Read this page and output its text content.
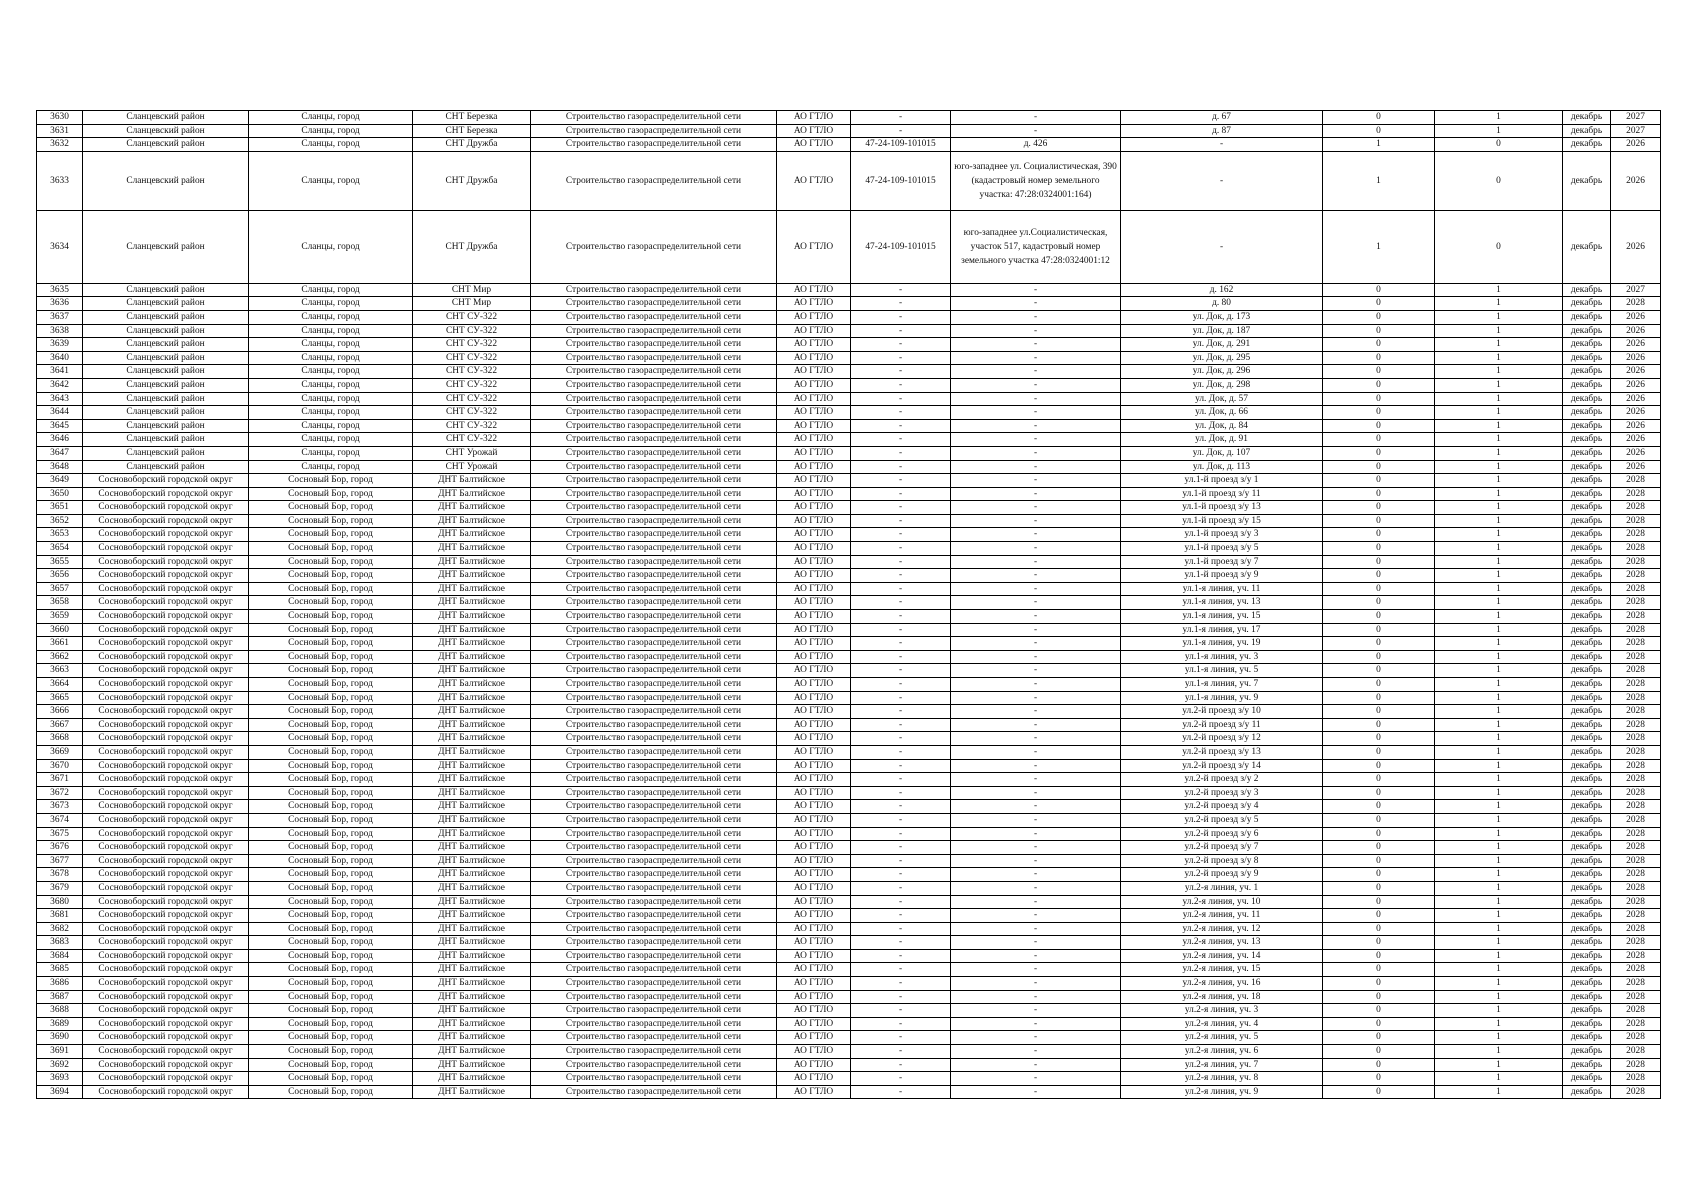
3630	Сланцевский район	Сланцы, город	СНТ Березка	Строительство газораспределительной сети	АО ГТЛО	-	-	д. 67	0	1	декабрь	2027
3631	Сланцевский район	Сланцы, город	СНТ Березка	Строительство газораспределительной сети	АО ГТЛО	-	-	д. 87	0	1	декабрь	2027
3632	Сланцевский район	Сланцы, город	СНТ Дружба	Строительство газораспределительной сети	АО ГТЛО	47-24-109-101015	д. 426	-	1	0	декабрь	2026
3633	Сланцевский район	Сланцы, город	СНТ Дружба	Строительство газораспределительной сети	АО ГТЛО	47-24-109-101015	юго-западнее ул. Социалистическая, 390 (кадастровый номер земельного участка: 47:28:0324001:164)	-	1	0	декабрь	2026
3634	Сланцевский район	Сланцы, город	СНТ Дружба	Строительство газораспределительной сети	АО ГТЛО	47-24-109-101015	юго-западнее ул.Социалистическая, участок 517, кадастровый номер земельного участка 47:28:0324001:12	-	1	0	декабрь	2026
3635	Сланцевский район	Сланцы, город	СНТ Мир	Строительство газораспределительной сети	АО ГТЛО	-	-	д. 162	0	1	декабрь	2027
3636	Сланцевский район	Сланцы, город	СНТ Мир	Строительство газораспределительной сети	АО ГТЛО	-	-	д. 80	0	1	декабрь	2028
3637	Сланцевский район	Сланцы, город	СНТ СУ-322	Строительство газораспределительной сети	АО ГТЛО	-	-	ул. Док, д. 173	0	1	декабрь	2026
3638	Сланцевский район	Сланцы, город	СНТ СУ-322	Строительство газораспределительной сети	АО ГТЛО	-	-	ул. Док, д. 187	0	1	декабрь	2026
3639	Сланцевский район	Сланцы, город	СНТ СУ-322	Строительство газораспределительной сети	АО ГТЛО	-	-	ул. Док, д. 291	0	1	декабрь	2026
3640	Сланцевский район	Сланцы, город	СНТ СУ-322	Строительство газораспределительной сети	АО ГТЛО	-	-	ул. Док, д. 295	0	1	декабрь	2026
3641	Сланцевский район	Сланцы, город	СНТ СУ-322	Строительство газораспределительной сети	АО ГТЛО	-	-	ул. Док, д. 296	0	1	декабрь	2026
3642	Сланцевский район	Сланцы, город	СНТ СУ-322	Строительство газораспределительной сети	АО ГТЛО	-	-	ул. Док, д. 298	0	1	декабрь	2026
3643	Сланцевский район	Сланцы, город	СНТ СУ-322	Строительство газораспределительной сети	АО ГТЛО	-	-	ул. Док, д. 57	0	1	декабрь	2026
3644	Сланцевский район	Сланцы, город	СНТ СУ-322	Строительство газораспределительной сети	АО ГТЛО	-	-	ул. Док, д. 66	0	1	декабрь	2026
3645	Сланцевский район	Сланцы, город	СНТ СУ-322	Строительство газораспределительной сети	АО ГТЛО	-	-	ул. Док, д. 84	0	1	декабрь	2026
3646	Сланцевский район	Сланцы, город	СНТ СУ-322	Строительство газораспределительной сети	АО ГТЛО	-	-	ул. Док, д. 91	0	1	декабрь	2026
3647	Сланцевский район	Сланцы, город	СНТ Урожай	Строительство газораспределительной сети	АО ГТЛО	-	-	ул. Док, д. 107	0	1	декабрь	2026
3648	Сланцевский район	Сланцы, город	СНТ Урожай	Строительство газораспределительной сети	АО ГТЛО	-	-	ул. Док, д. 113	0	1	декабрь	2026
3649	Сосновоборский городской округ	Сосновый Бор, город	ДНТ Балтийское	Строительство газораспределительной сети	АО ГТЛО	-	-	ул.1-й проезд з/у 1	0	1	декабрь	2028
3650	Сосновоборский городской округ	Сосновый Бор, город	ДНТ Балтийское	Строительство газораспределительной сети	АО ГТЛО	-	-	ул.1-й проезд з/у 11	0	1	декабрь	2028
3651	Сосновоборский городской округ	Сосновый Бор, город	ДНТ Балтийское	Строительство газораспределительной сети	АО ГТЛО	-	-	ул.1-й проезд з/у 13	0	1	декабрь	2028
3652	Сосновоборский городской округ	Сосновый Бор, город	ДНТ Балтийское	Строительство газораспределительной сети	АО ГТЛО	-	-	ул.1-й проезд з/у 15	0	1	декабрь	2028
3653	Сосновоборский городской округ	Сосновый Бор, город	ДНТ Балтийское	Строительство газораспределительной сети	АО ГТЛО	-	-	ул.1-й проезд з/у 3	0	1	декабрь	2028
3654	Сосновоборский городской округ	Сосновый Бор, город	ДНТ Балтийское	Строительство газораспределительной сети	АО ГТЛО	-	-	ул.1-й проезд з/у 5	0	1	декабрь	2028
3655	Сосновоборский городской округ	Сосновый Бор, город	ДНТ Балтийское	Строительство газораспределительной сети	АО ГТЛО	-	-	ул.1-й проезд з/у 7	0	1	декабрь	2028
3656	Сосновоборский городской округ	Сосновый Бор, город	ДНТ Балтийское	Строительство газораспределительной сети	АО ГТЛО	-	-	ул.1-й проезд з/у 9	0	1	декабрь	2028
3657	Сосновоборский городской округ	Сосновый Бор, город	ДНТ Балтийское	Строительство газораспределительной сети	АО ГТЛО	-	-	ул.1-я линия, уч. 11	0	1	декабрь	2028
3658	Сосновоборский городской округ	Сосновый Бор, город	ДНТ Балтийское	Строительство газораспределительной сети	АО ГТЛО	-	-	ул.1-я линия, уч. 13	0	1	декабрь	2028
3659	Сосновоборский городской округ	Сосновый Бор, город	ДНТ Балтийское	Строительство газораспределительной сети	АО ГТЛО	-	-	ул.1-я линия, уч. 15	0	1	декабрь	2028
3660	Сосновоборский городской округ	Сосновый Бор, город	ДНТ Балтийское	Строительство газораспределительной сети	АО ГТЛО	-	-	ул.1-я линия, уч. 17	0	1	декабрь	2028
3661	Сосновоборский городской округ	Сосновый Бор, город	ДНТ Балтийское	Строительство газораспределительной сети	АО ГТЛО	-	-	ул.1-я линия, уч. 19	0	1	декабрь	2028
3662	Сосновоборский городской округ	Сосновый Бор, город	ДНТ Балтийское	Строительство газораспределительной сети	АО ГТЛО	-	-	ул.1-я линия, уч. 3	0	1	декабрь	2028
3663	Сосновоборский городской округ	Сосновый Бор, город	ДНТ Балтийское	Строительство газораспределительной сети	АО ГТЛО	-	-	ул.1-я линия, уч. 5	0	1	декабрь	2028
3664	Сосновоборский городской округ	Сосновый Бор, город	ДНТ Балтийское	Строительство газораспределительной сети	АО ГТЛО	-	-	ул.1-я линия, уч. 7	0	1	декабрь	2028
3665	Сосновоборский городской округ	Сосновый Бор, город	ДНТ Балтийское	Строительство газораспределительной сети	АО ГТЛО	-	-	ул.1-я линия, уч. 9	0	1	декабрь	2028
3666	Сосновоборский городской округ	Сосновый Бор, город	ДНТ Балтийское	Строительство газораспределительной сети	АО ГТЛО	-	-	ул.2-й проезд з/у 10	0	1	декабрь	2028
3667	Сосновоборский городской округ	Сосновый Бор, город	ДНТ Балтийское	Строительство газораспределительной сети	АО ГТЛО	-	-	ул.2-й проезд з/у 11	0	1	декабрь	2028
3668	Сосновоборский городской округ	Сосновый Бор, город	ДНТ Балтийское	Строительство газораспределительной сети	АО ГТЛО	-	-	ул.2-й проезд з/у 12	0	1	декабрь	2028
3669	Сосновоборский городской округ	Сосновый Бор, город	ДНТ Балтийское	Строительство газораспределительной сети	АО ГТЛО	-	-	ул.2-й проезд з/у 13	0	1	декабрь	2028
3670	Сосновоборский городской округ	Сосновый Бор, город	ДНТ Балтийское	Строительство газораспределительной сети	АО ГТЛО	-	-	ул.2-й проезд з/у 14	0	1	декабрь	2028
3671	Сосновоборский городской округ	Сосновый Бор, город	ДНТ Балтийское	Строительство газораспределительной сети	АО ГТЛО	-	-	ул.2-й проезд з/у 2	0	1	декабрь	2028
3672	Сосновоборский городской округ	Сосновый Бор, город	ДНТ Балтийское	Строительство газораспределительной сети	АО ГТЛО	-	-	ул.2-й проезд з/у 3	0	1	декабрь	2028
3673	Сосновоборский городской округ	Сосновый Бор, город	ДНТ Балтийское	Строительство газораспределительной сети	АО ГТЛО	-	-	ул.2-й проезд з/у 4	0	1	декабрь	2028
3674	Сосновоборский городской округ	Сосновый Бор, город	ДНТ Балтийское	Строительство газораспределительной сети	АО ГТЛО	-	-	ул.2-й проезд з/у 5	0	1	декабрь	2028
3675	Сосновоборский городской округ	Сосновый Бор, город	ДНТ Балтийское	Строительство газораспределительной сети	АО ГТЛО	-	-	ул.2-й проезд з/у 6	0	1	декабрь	2028
3676	Сосновоборский городской округ	Сосновый Бор, город	ДНТ Балтийское	Строительство газораспределительной сети	АО ГТЛО	-	-	ул.2-й проезд з/у 7	0	1	декабрь	2028
3677	Сосновоборский городской округ	Сосновый Бор, город	ДНТ Балтийское	Строительство газораспределительной сети	АО ГТЛО	-	-	ул.2-й проезд з/у 8	0	1	декабрь	2028
3678	Сосновоборский городской округ	Сосновый Бор, город	ДНТ Балтийское	Строительство газораспределительной сети	АО ГТЛО	-	-	ул.2-й проезд з/у 9	0	1	декабрь	2028
3679	Сосновоборский городской округ	Сосновый Бор, город	ДНТ Балтийское	Строительство газораспределительной сети	АО ГТЛО	-	-	ул.2-я линия, уч. 1	0	1	декабрь	2028
3680	Сосновоборский городской округ	Сосновый Бор, город	ДНТ Балтийское	Строительство газораспределительной сети	АО ГТЛО	-	-	ул.2-я линия, уч. 10	0	1	декабрь	2028
3681	Сосновоборский городской округ	Сосновый Бор, город	ДНТ Балтийское	Строительство газораспределительной сети	АО ГТЛО	-	-	ул.2-я линия, уч. 11	0	1	декабрь	2028
3682	Сосновоборский городской округ	Сосновый Бор, город	ДНТ Балтийское	Строительство газораспределительной сети	АО ГТЛО	-	-	ул.2-я линия, уч. 12	0	1	декабрь	2028
3683	Сосновоборский городской округ	Сосновый Бор, город	ДНТ Балтийское	Строительство газораспределительной сети	АО ГТЛО	-	-	ул.2-я линия, уч. 13	0	1	декабрь	2028
3684	Сосновоборский городской округ	Сосновый Бор, город	ДНТ Балтийское	Строительство газораспределительной сети	АО ГТЛО	-	-	ул.2-я линия, уч. 14	0	1	декабрь	2028
3685	Сосновоборский городской округ	Сосновый Бор, город	ДНТ Балтийское	Строительство газораспределительной сети	АО ГТЛО	-	-	ул.2-я линия, уч. 15	0	1	декабрь	2028
3686	Сосновоборский городской округ	Сосновый Бор, город	ДНТ Балтийское	Строительство газораспределительной сети	АО ГТЛО	-	-	ул.2-я линия, уч. 16	0	1	декабрь	2028
3687	Сосновоборский городской округ	Сосновый Бор, город	ДНТ Балтийское	Строительство газораспределительной сети	АО ГТЛО	-	-	ул.2-я линия, уч. 18	0	1	декабрь	2028
3688	Сосновоборский городской округ	Сосновый Бор, город	ДНТ Балтийское	Строительство газораспределительной сети	АО ГТЛО	-	-	ул.2-я линия, уч. 3	0	1	декабрь	2028
3689	Сосновоборский городской округ	Сосновый Бор, город	ДНТ Балтийское	Строительство газораспределительной сети	АО ГТЛО	-	-	ул.2-я линия, уч. 4	0	1	декабрь	2028
3690	Сосновоборский городской округ	Сосновый Бор, город	ДНТ Балтийское	Строительство газораспределительной сети	АО ГТЛО	-	-	ул.2-я линия, уч. 5	0	1	декабрь	2028
3691	Сосновоборский городской округ	Сосновый Бор, город	ДНТ Балтийское	Строительство газораспределительной сети	АО ГТЛО	-	-	ул.2-я линия, уч. 6	0	1	декабрь	2028
3692	Сосновоборский городской округ	Сосновый Бор, город	ДНТ Балтийское	Строительство газораспределительной сети	АО ГТЛО	-	-	ул.2-я линия, уч. 7	0	1	декабрь	2028
3693	Сосновоборский городской округ	Сосновый Бор, город	ДНТ Балтийское	Строительство газораспределительной сети	АО ГТЛО	-	-	ул.2-я линия, уч. 8	0	1	декабрь	2028
3694	Сосновоборский городской округ	Сосновый Бор, город	ДНТ Балтийское	Строительство газораспределительной сети	АО ГТЛО	-	-	ул.2-я линия, уч. 9	0	1	декабрь	2028
